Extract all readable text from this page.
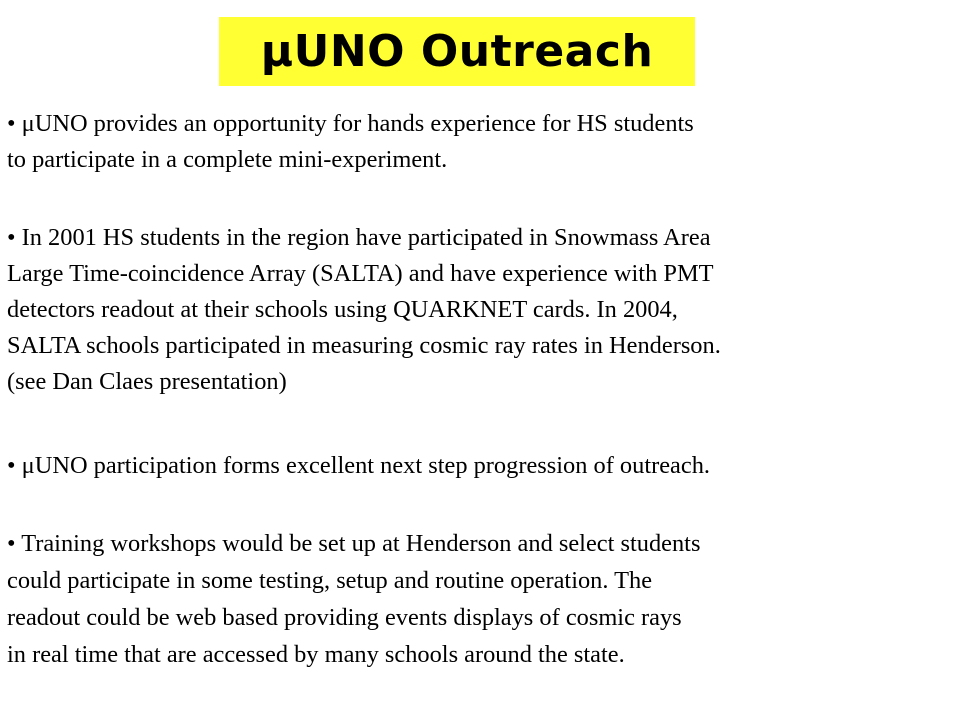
μUNO Outreach
• μUNO provides an opportunity for hands experience for HS students
to participate in a complete mini-experiment.
• In 2001 HS students in the region have participated in Snowmass Area
Large Time-coincidence Array (SALTA) and have experience with PMT
detectors readout at their schools using QUARKNET cards. In 2004,
SALTA schools participated in measuring cosmic ray rates in Henderson.
(see Dan Claes presentation)
• μUNO participation forms excellent next step progression of outreach.
• Training workshops would be set up at Henderson and select students
could participate in some testing, setup and routine operation. The
readout could be web based providing events displays of cosmic rays
in real time that are accessed by many schools around the state.
